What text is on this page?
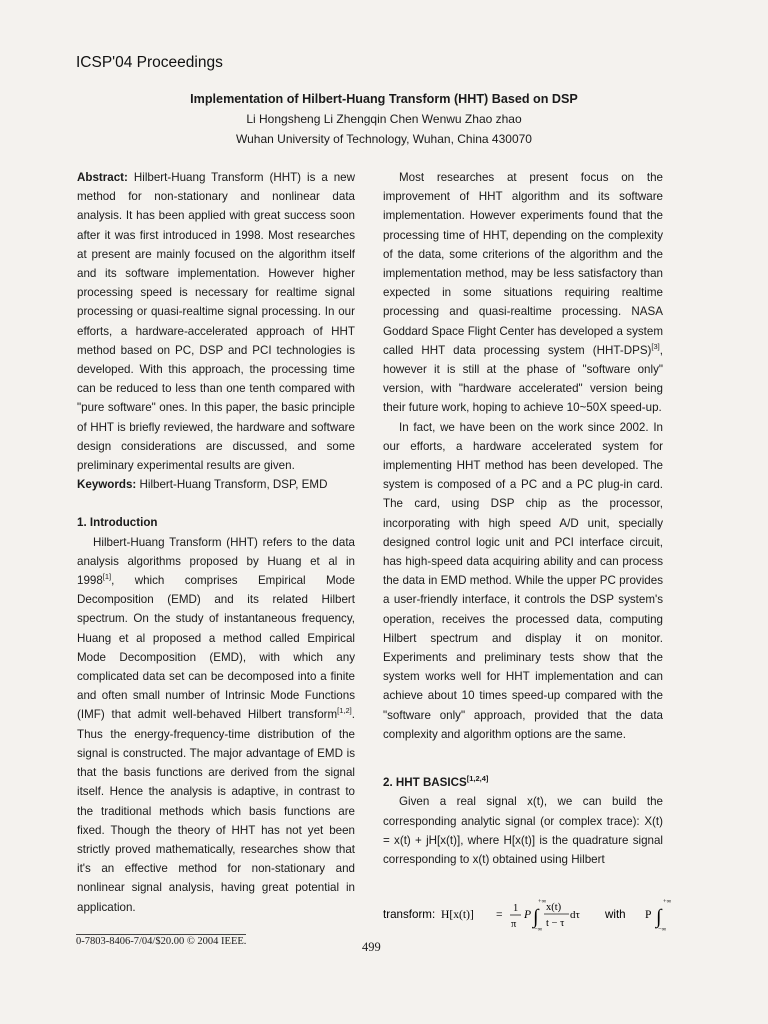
ICSP'04 Proceedings
Implementation of Hilbert-Huang Transform (HHT) Based on DSP
Li Hongsheng Li Zhengqin Chen Wenwu Zhao zhao
Wuhan University of Technology, Wuhan, China 430070

Abstract: Hilbert-Huang Transform (HHT) is a new method for non-stationary and nonlinear data analysis. It has been applied with great success soon after it was first introduced in 1998. Most researches at present are mainly focused on the algorithm itself and its software implementation. However higher processing speed is necessary for realtime signal processing or quasi-realtime signal processing. In our efforts, a hardware-accelerated approach of HHT method based on PC, DSP and PCI technologies is developed. With this approach, the processing time can be reduced to less than one tenth compared with "pure software" ones. In this paper, the basic principle of HHT is briefly reviewed, the hardware and software design considerations are discussed, and some preliminary experimental results are given.

Keywords: Hilbert-Huang Transform, DSP, EMD

1. Introduction

Hilbert-Huang Transform (HHT) refers to the data analysis algorithms proposed by Huang et al in 1998[1], which comprises Empirical Mode Decomposition (EMD) and its related Hilbert spectrum. On the study of instantaneous frequency, Huang et al proposed a method called Empirical Mode Decomposition (EMD), with which any complicated data set can be decomposed into a finite and often small number of Intrinsic Mode Functions (IMF) that admit well-behaved Hilbert transform[1,2]. Thus the energy-frequency-time distribution of the signal is constructed. The major advantage of EMD is that the basis functions are derived from the signal itself. Hence the analysis is adaptive, in contrast to the traditional methods which basis functions are fixed. Though the theory of HHT has not yet been strictly proved mathematically, researches show that it's an effective method for non-stationary and nonlinear signal analysis, having great potential in application.

Most researches at present focus on the improvement of HHT algorithm and its software implementation. However experiments found that the processing time of HHT, depending on the complexity of the data, some criterions of the algorithm and the implementation method, may be less satisfactory than expected in some situations requiring realtime processing and quasi-realtime processing. NASA Goddard Space Flight Center has developed a system called HHT data processing system (HHT-DPS)[3], however it is still at the phase of "software only" version, with "hardware accelerated" version being their future work, hoping to achieve 10~50X speed-up.

In fact, we have been on the work since 2002. In our efforts, a hardware accelerated system for implementing HHT method has been developed. The system is composed of a PC and a PC plug-in card. The card, using DSP chip as the processor, incorporating with high speed A/D unit, specially designed control logic unit and PCI interface circuit, has high-speed data acquiring ability and can process the data in EMD method. While the upper PC provides a user-friendly interface, it controls the DSP system's operation, receives the processed data, computing Hilbert spectrum and display it on monitor. Experiments and preliminary tests show that the system works well for HHT implementation and can achieve about 10 times speed-up compared with the "software only" approach, provided that the data complexity and algorithm options are the same.

2. HHT BASICS[1,2,4]

Given a real signal x(t), we can build the corresponding analytic signal (or complex trace): X(t) = x(t) + jH[x(t)], where H[x(t)] is the quadrature signal corresponding to x(t) obtained using Hilbert

transform: H[x(t)] = 1
π
P ∫
+∞
−∞
x(t)
t − τ
dτ with P ∫
+∞
−∞
0-7803-8406-7/04/$20.00 © 2004 IEEE.	499
